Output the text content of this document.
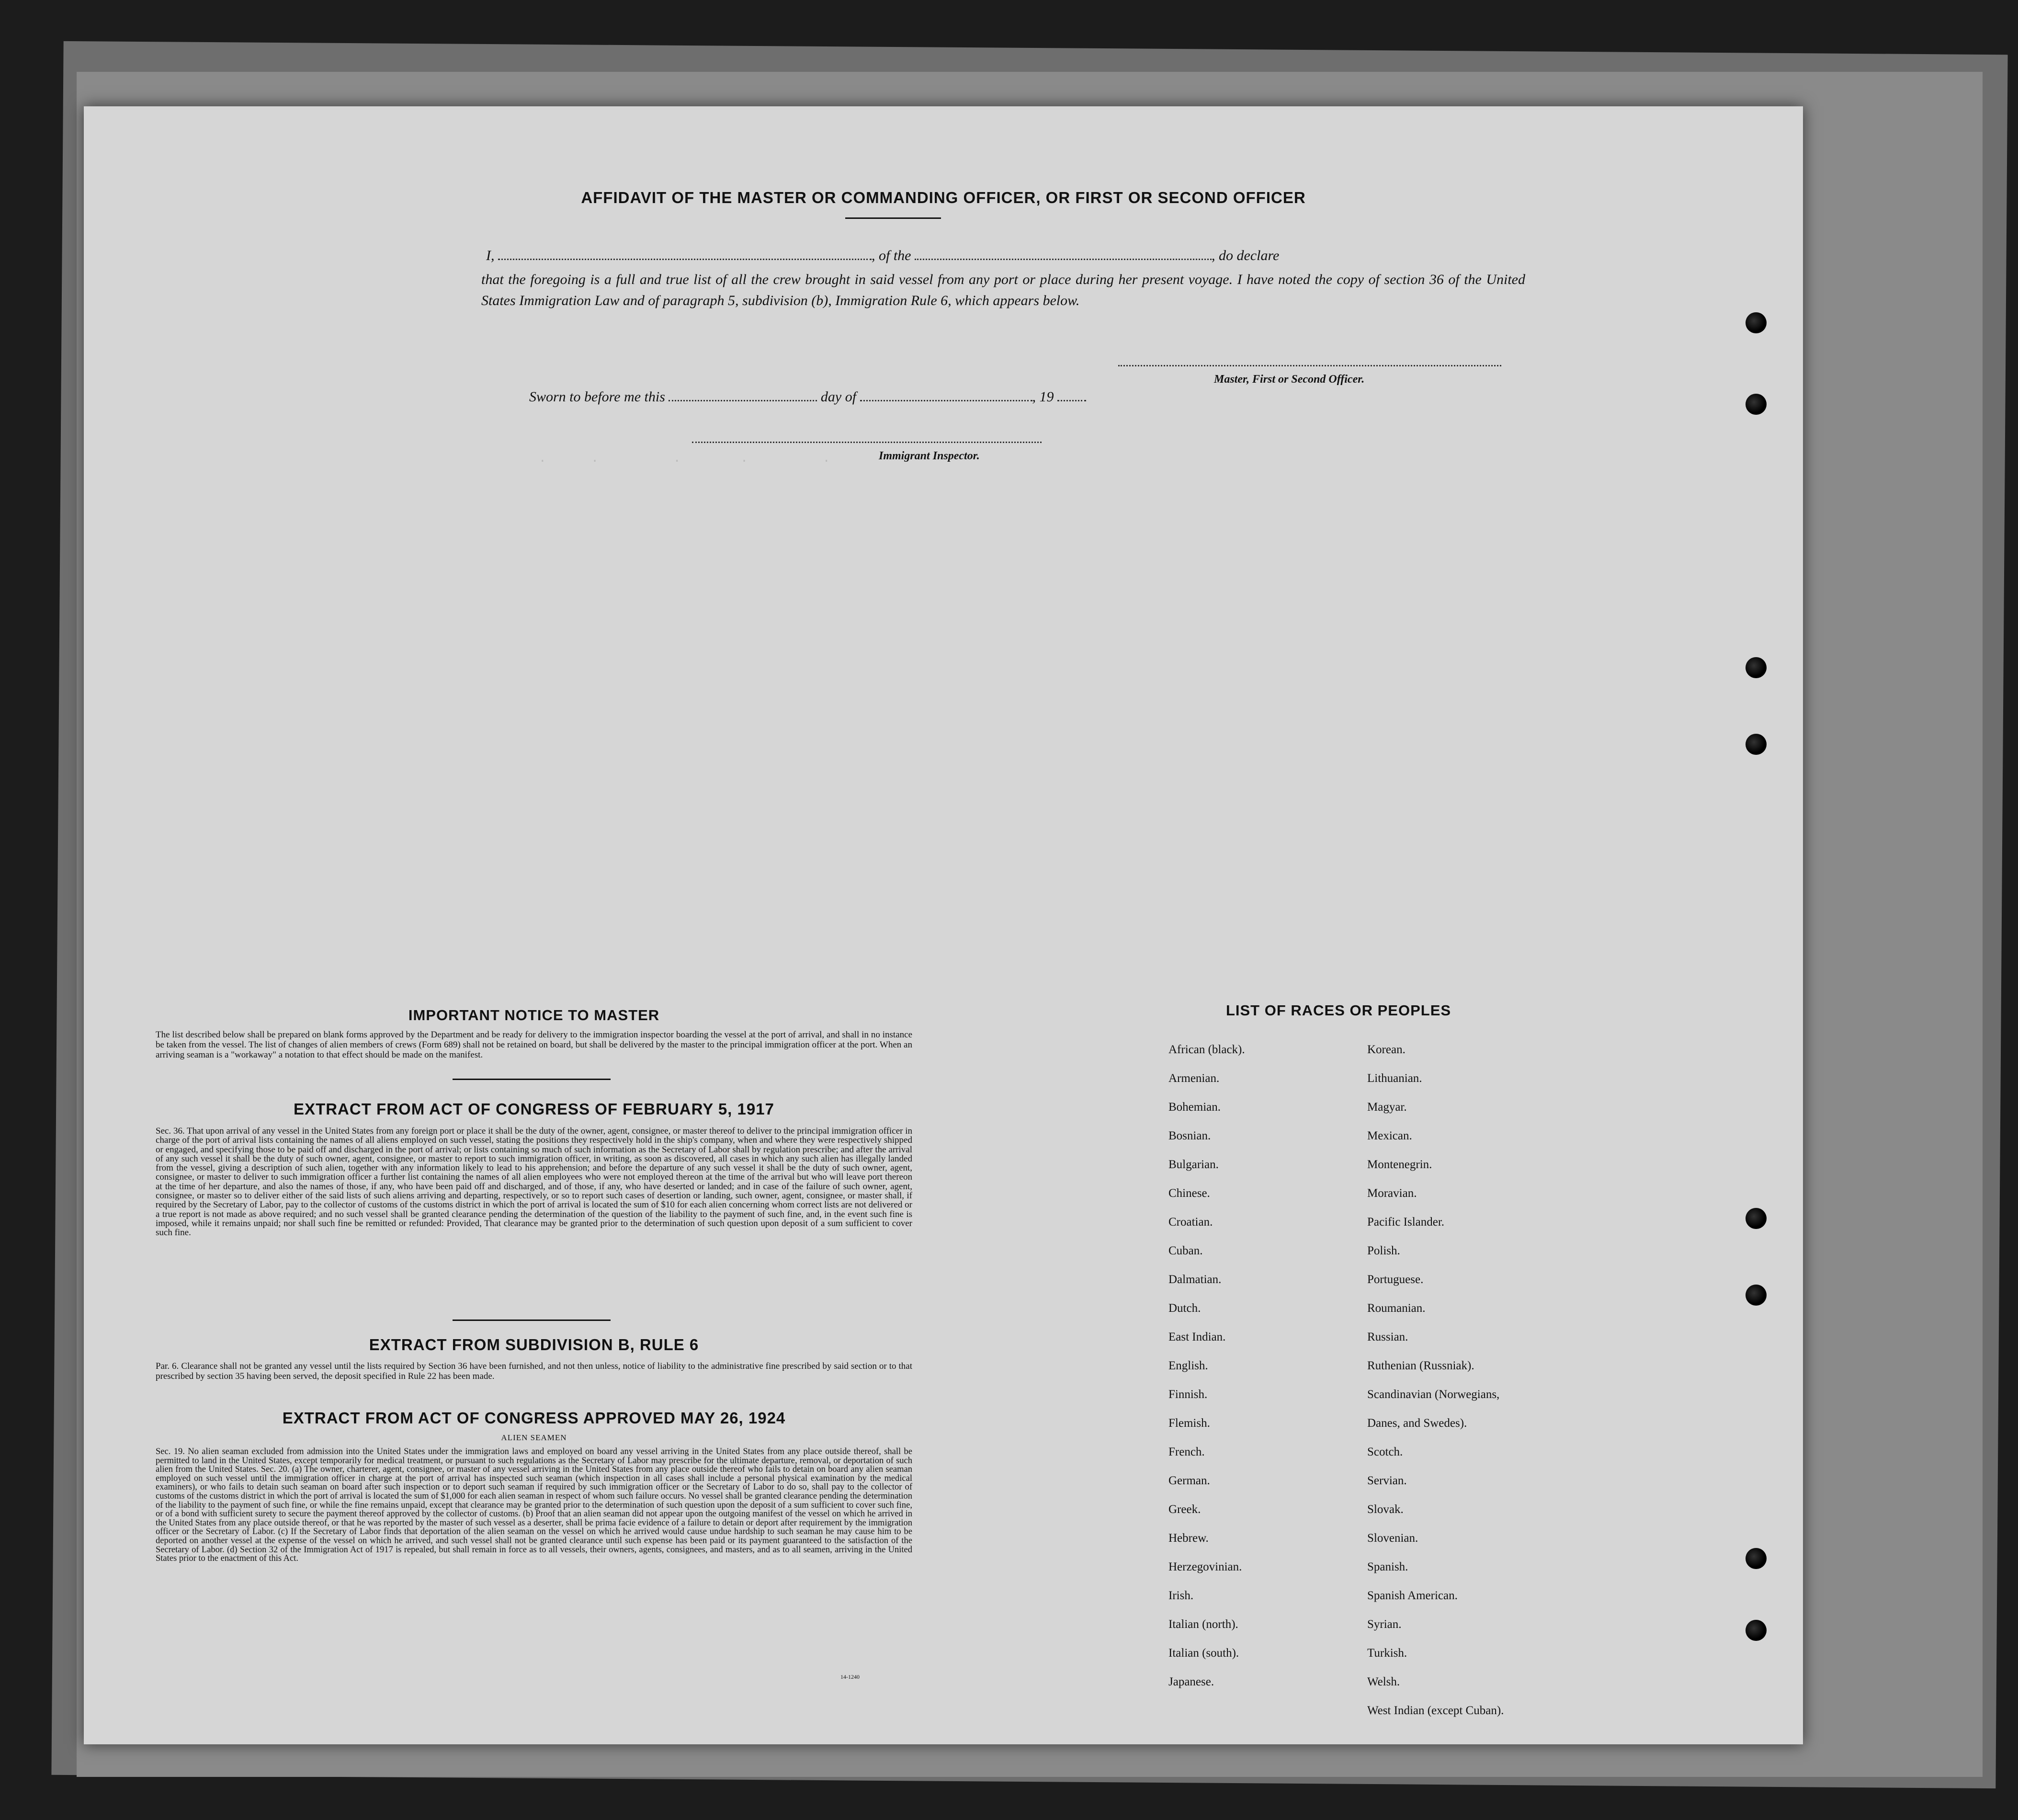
.      .          .        .          .
AFFIDAVIT OF THE MASTER OR COMMANDING OFFICER, OR FIRST OR SECOND OFFICER
I,	, of the	, do declare
that the foregoing is a full and true list of all the crew brought in said vessel from any port or place during her present voyage. I have noted the copy of section 36 of the United States Immigration Law and of paragraph 5, subdivision (b), Immigration Rule 6, which appears below.
Master, First or Second Officer.
Sworn to before me this	day of	, 19
Immigrant Inspector.
IMPORTANT NOTICE TO MASTER
The list described below shall be prepared on blank forms approved by the Department and be ready for delivery to the immigration inspector boarding the vessel at the port of arrival, and shall in no instance be taken from the vessel. The list of changes of alien members of crews (Form 689) shall not be retained on board, but shall be delivered by the master to the principal immigration officer at the port. When an arriving seaman is a "workaway" a notation to that effect should be made on the manifest.
EXTRACT FROM ACT OF CONGRESS OF FEBRUARY 5, 1917
Sec. 36. That upon arrival of any vessel in the United States from any foreign port or place it shall be the duty of the owner, agent, consignee, or master thereof to deliver to the principal immigration officer in charge of the port of arrival lists containing the names of all aliens employed on such vessel, stating the positions they respectively hold in the ship's company, when and where they were respectively shipped or engaged, and specifying those to be paid off and discharged in the port of arrival; or lists containing so much of such information as the Secretary of Labor shall by regulation prescribe; and after the arrival of any such vessel it shall be the duty of such owner, agent, consignee, or master to report to such immigration officer, in writing, as soon as discovered, all cases in which any such alien has illegally landed from the vessel, giving a description of such alien, together with any information likely to lead to his apprehension; and before the departure of any such vessel it shall be the duty of such owner, agent, consignee, or master to deliver to such immigration officer a further list containing the names of all alien employees who were not employed thereon at the time of the arrival but who will leave port thereon at the time of her departure, and also the names of those, if any, who have been paid off and discharged, and of those, if any, who have deserted or landed; and in case of the failure of such owner, agent, consignee, or master so to deliver either of the said lists of such aliens arriving and departing, respectively, or so to report such cases of desertion or landing, such owner, agent, consignee, or master shall, if required by the Secretary of Labor, pay to the collector of customs of the customs district in which the port of arrival is located the sum of $10 for each alien concerning whom correct lists are not delivered or a true report is not made as above required; and no such vessel shall be granted clearance pending the determination of the question of the liability to the payment of such fine, and, in the event such fine is imposed, while it remains unpaid; nor shall such fine be remitted or refunded: Provided, That clearance may be granted prior to the determination of such question upon deposit of a sum sufficient to cover such fine.
EXTRACT FROM SUBDIVISION B, RULE 6
Par. 6. Clearance shall not be granted any vessel until the lists required by Section 36 have been furnished, and not then unless, notice of liability to the administrative fine prescribed by said section or to that prescribed by section 35 having been served, the deposit specified in Rule 22 has been made.
EXTRACT FROM ACT OF CONGRESS APPROVED MAY 26, 1924
ALIEN SEAMEN
Sec. 19. No alien seaman excluded from admission into the United States under the immigration laws and employed on board any vessel arriving in the United States from any place outside thereof, shall be permitted to land in the United States, except temporarily for medical treatment, or pursuant to such regulations as the Secretary of Labor may prescribe for the ultimate departure, removal, or deportation of such alien from the United States. Sec. 20. (a) The owner, charterer, agent, consignee, or master of any vessel arriving in the United States from any place outside thereof who fails to detain on board any alien seaman employed on such vessel until the immigration officer in charge at the port of arrival has inspected such seaman (which inspection in all cases shall include a personal physical examination by the medical examiners), or who fails to detain such seaman on board after such inspection or to deport such seaman if required by such immigration officer or the Secretary of Labor to do so, shall pay to the collector of customs of the customs district in which the port of arrival is located the sum of $1,000 for each alien seaman in respect of whom such failure occurs. No vessel shall be granted clearance pending the determination of the liability to the payment of such fine, or while the fine remains unpaid, except that clearance may be granted prior to the determination of such question upon the deposit of a sum sufficient to cover such fine, or of a bond with sufficient surety to secure the payment thereof approved by the collector of customs. (b) Proof that an alien seaman did not appear upon the outgoing manifest of the vessel on which he arrived in the United States from any place outside thereof, or that he was reported by the master of such vessel as a deserter, shall be prima facie evidence of a failure to detain or deport after requirement by the immigration officer or the Secretary of Labor. (c) If the Secretary of Labor finds that deportation of the alien seaman on the vessel on which he arrived would cause undue hardship to such seaman he may cause him to be deported on another vessel at the expense of the vessel on which he arrived, and such vessel shall not be granted clearance until such expense has been paid or its payment guaranteed to the satisfaction of the Secretary of Labor. (d) Section 32 of the Immigration Act of 1917 is repealed, but shall remain in force as to all vessels, their owners, agents, consignees, and masters, and as to all seamen, arriving in the United States prior to the enactment of this Act.
14-1240
LIST OF RACES OR PEOPLES
African (black).
Armenian.
Bohemian.
Bosnian.
Bulgarian.
Chinese.
Croatian.
Cuban.
Dalmatian.
Dutch.
East Indian.
English.
Finnish.
Flemish.
French.
German.
Greek.
Hebrew.
Herzegovinian.
Irish.
Italian (north).
Italian (south).
Japanese.
Korean.
Lithuanian.
Magyar.
Mexican.
Montenegrin.
Moravian.
Pacific Islander.
Polish.
Portuguese.
Roumanian.
Russian.
Ruthenian (Russniak).
Scandinavian (Norwegians,
Danes, and Swedes).
Scotch.
Servian.
Slovak.
Slovenian.
Spanish.
Spanish American.
Syrian.
Turkish.
Welsh.
West Indian (except Cuban).
